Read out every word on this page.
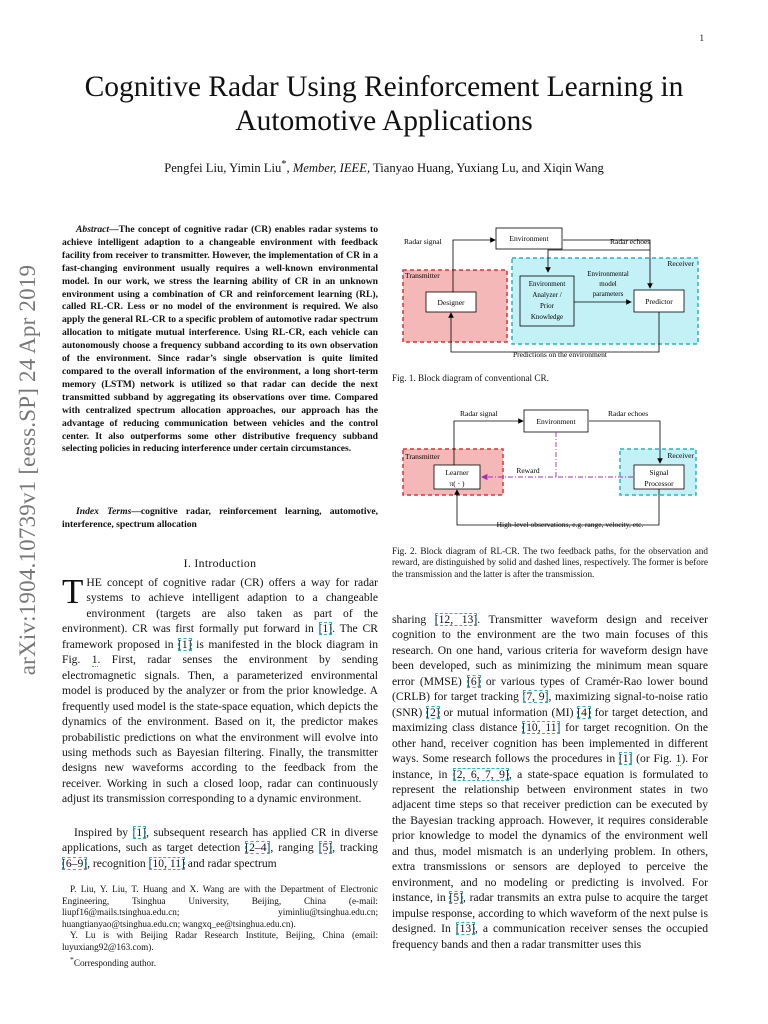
1
arXiv:1904.10739v1 [eess.SP] 24 Apr 2019
Cognitive Radar Using Reinforcement Learning in
Automotive Applications
Pengfei Liu, Yimin Liu*, Member, IEEE, Tianyao Huang, Yuxiang Lu, and Xiqin Wang
Abstract—The concept of cognitive radar (CR) enables radar systems to achieve intelligent adaption to a changeable environment with feedback facility from receiver to transmitter. However, the implementation of CR in a fast-changing environment usually requires a well-known environmental model. In our work, we stress the learning ability of CR in an unknown environment using a combination of CR and reinforcement learning (RL), called RL-CR. Less or no model of the environment is required. We also apply the general RL-CR to a specific problem of automotive radar spectrum allocation to mitigate mutual interference. Using RL-CR, each vehicle can autonomously choose a frequency subband according to its own observation of the environment. Since radar’s single observation is quite limited compared to the overall information of the environment, a long short-term memory (LSTM) network is utilized so that radar can decide the next transmitted subband by aggregating its observations over time. Compared with centralized spectrum allocation approaches, our approach has the advantage of reducing communication between vehicles and the control center. It also outperforms some other distributive frequency subband selecting policies in reducing interference under certain circumstances.
Index Terms—cognitive radar, reinforcement learning, automotive, interference, spectrum allocation
I. Introduction
THE concept of cognitive radar (CR) offers a way for radar systems to achieve intelligent adaption to a changeable environment (targets are also taken as part of the environment). CR was first formally put forward in [1]. The CR framework proposed in [1] is manifested in the block diagram in Fig. 1. First, radar senses the environment by sending electromagnetic signals. Then, a parameterized environmental model is produced by the analyzer or from the prior knowledge. A frequently used model is the state-space equation, which depicts the dynamics of the environment. Based on it, the predictor makes probabilistic predictions on what the environment will evolve into using methods such as Bayesian filtering. Finally, the transmitter designs new waveforms according to the feedback from the receiver. Working in such a closed loop, radar can continuously adjust its transmission corresponding to a dynamic environment.
Inspired by [1], subsequent research has applied CR in diverse applications, such as target detection [2–4], ranging [5], tracking [6–9], recognition [10, 11] and radar spectrum

P. Liu, Y. Liu, T. Huang and X. Wang are with the Department of Electronic Engineering, Tsinghua University, Beijing, China (e-mail: liupf16@mails.tsinghua.edu.cn; yiminliu@tsinghua.edu.cn; huangtianyao@tsinghua.edu.cn; wangxq_ee@tsinghua.edu.cn).

Y. Lu is with Beijing Radar Research Institute, Beijing, China (email: luyuxiang92@163.com).

*Corresponding author.

Transmitter
Receiver
Environment
Radar signal	Radar echoes
Designer
Environment
Analyzer /
Prior
Knowledge
Environmental
model
parameters
Predictor
Predictions on the environment
Fig. 1. Block diagram of conventional CR.
Transmitter	Receiver
Environment
Radar signal	Radar echoes
Learner
π( · )
Signal
Processor
Reward
High-level observations, e.g. range, velocity, etc.
Fig. 2. Block diagram of RL-CR. The two feedback paths, for the observation and reward, are distinguished by solid and dashed lines, respectively. The former is before the transmission and the latter is after the transmission.
sharing [12, 13]. Transmitter waveform design and receiver cognition to the environment are the two main focuses of this research. On one hand, various criteria for waveform design have been developed, such as minimizing the minimum mean square error (MMSE) [6] or various types of Cramér-Rao lower bound (CRLB) for target tracking [7, 9], maximizing signal-to-noise ratio (SNR) [2] or mutual information (MI) [4] for target detection, and maximizing class distance [10, 11] for target recognition. On the other hand, receiver cognition has been implemented in different ways. Some research follows the procedures in [1] (or Fig. 1). For instance, in [2, 6, 7, 9], a state-space equation is formulated to represent the relationship between environment states in two adjacent time steps so that receiver prediction can be executed by the Bayesian tracking approach. However, it requires considerable prior knowledge to model the dynamics of the environment well and thus, model mismatch is an underlying problem. In others, extra transmissions or sensors are deployed to perceive the environment, and no modeling or predicting is involved. For instance, in [5], radar transmits an extra pulse to acquire the target impulse response, according to which waveform of the next pulse is designed. In [13], a communication receiver senses the occupied frequency bands and then a radar transmitter uses this
